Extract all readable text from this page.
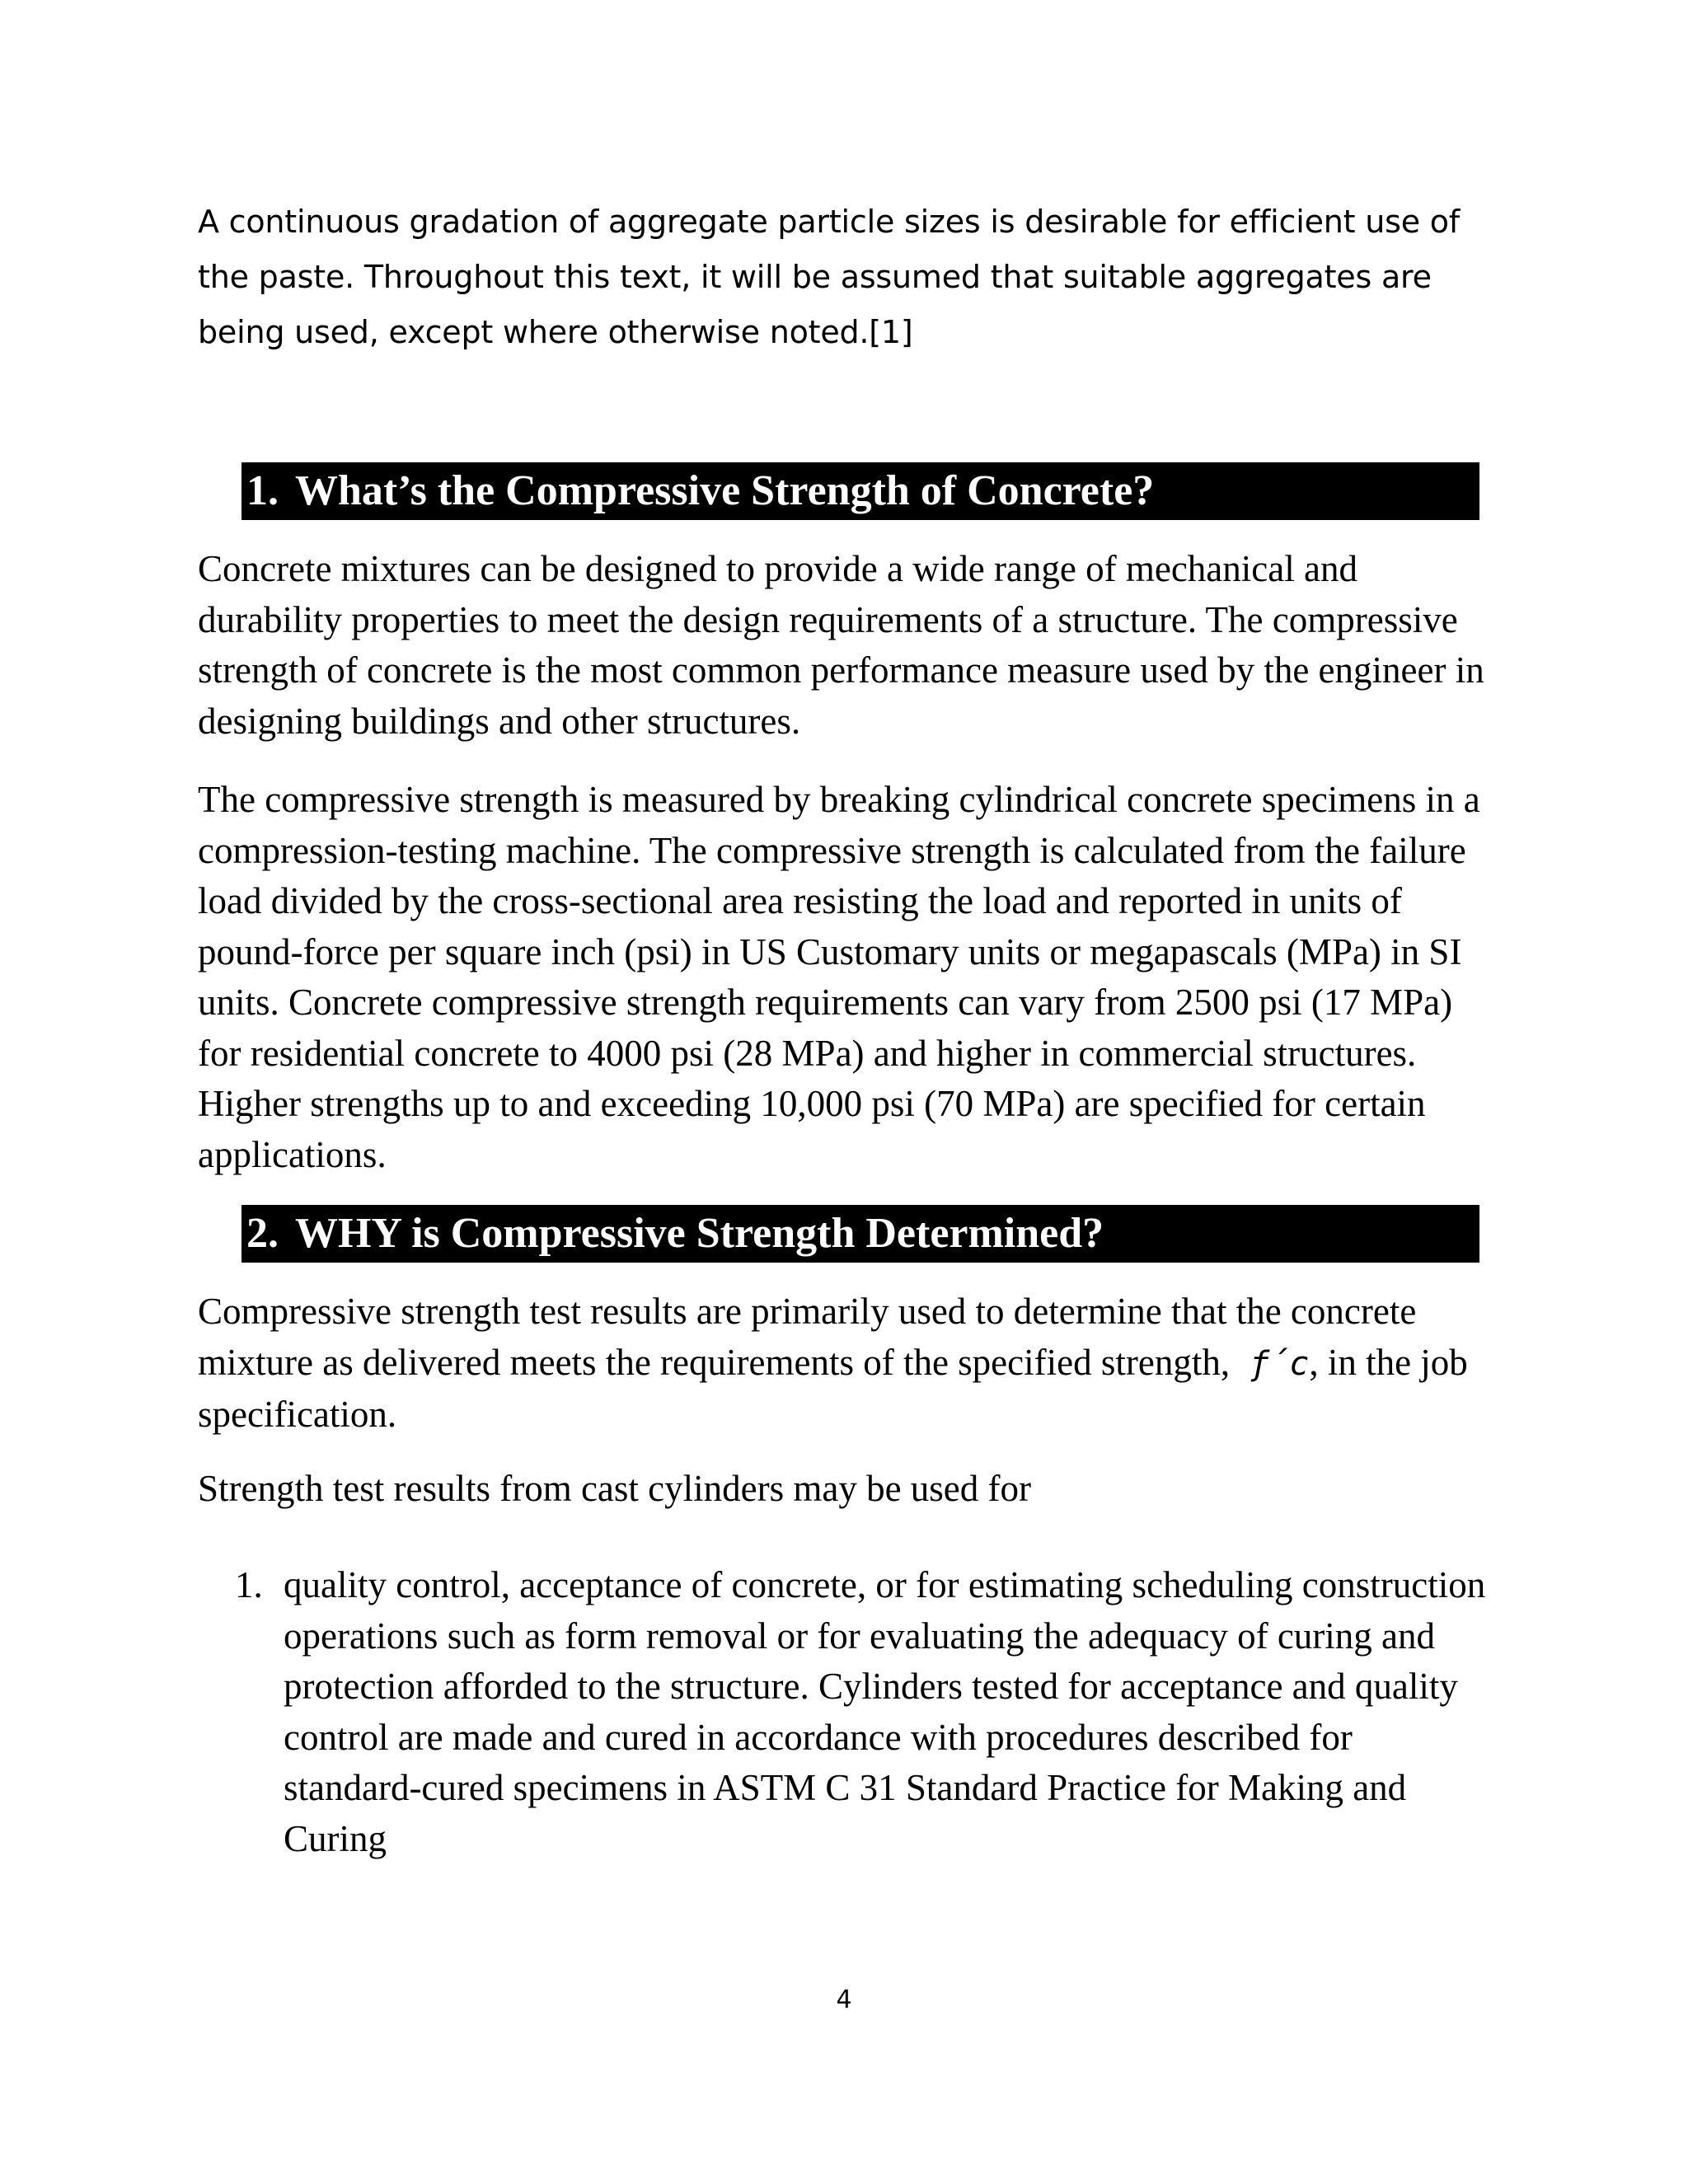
A continuous gradation of aggregate particle sizes is desirable for efficient use of the paste. Throughout this text, it will be assumed that suitable aggregates are being used, except where otherwise noted.[1]

1. What’s the Compressive Strength of Concrete?

Concrete mixtures can be designed to provide a wide range of mechanical and durability properties to meet the design requirements of a structure. The compressive strength of concrete is the most common performance measure used by the engineer in designing buildings and other structures.

The compressive strength is measured by breaking cylindrical concrete specimens in a compression-testing machine. The compressive strength is calculated from the failure load divided by the cross-sectional area resisting the load and reported in units of pound-force per square inch (psi) in US Customary units or megapascals (MPa) in SI units. Concrete compressive strength requirements can vary from 2500 psi (17 MPa) for residential concrete to 4000 psi (28 MPa) and higher in commercial structures. Higher strengths up to and exceeding 10,000 psi (70 MPa) are specified for certain applications.

2. WHY is Compressive Strength Determined?

Compressive strength test results are primarily used to determine that the concrete mixture as delivered meets the requirements of the specified strength, ƒ´c, in the job specification.

Strength test results from cast cylinders may be used for

1. quality control, acceptance of concrete, or for estimating scheduling construction operations such as form removal or for evaluating the adequacy of curing and protection afforded to the structure. Cylinders tested for acceptance and quality control are made and cured in accordance with procedures described for standard-cured specimens in ASTM C 31 Standard Practice for Making and Curing
4
